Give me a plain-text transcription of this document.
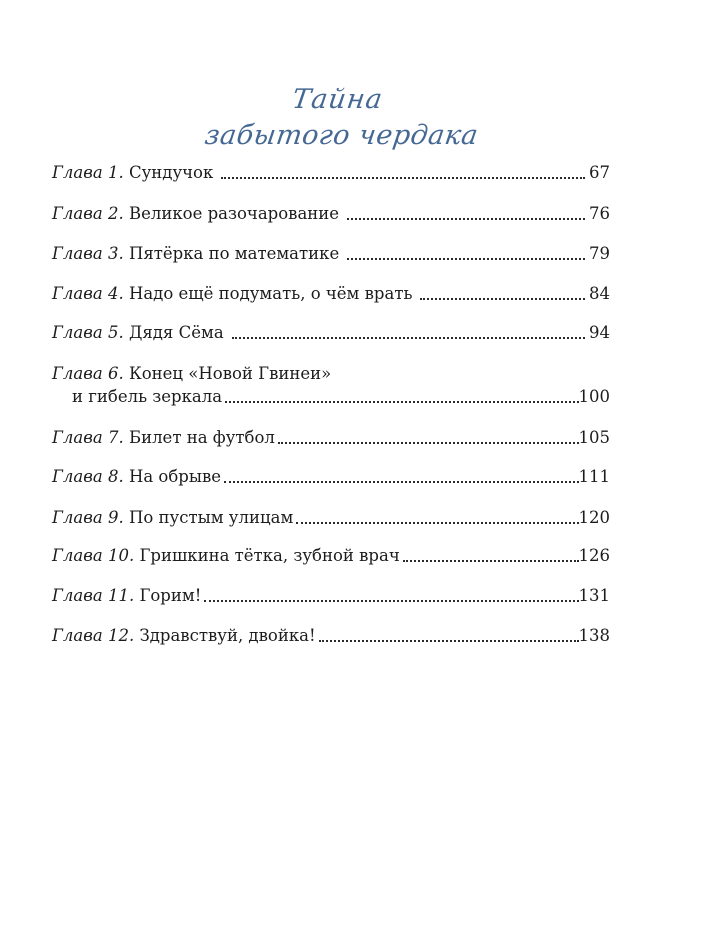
Тайна
забытого чердака
Глава 1. Сундучок	67
Глава 2. Великое разочарование	76
Глава 3. Пятёрка по математике	79
Глава 4. Надо ещё подумать, о чём врать	84
Глава 5. Дядя Сёма	94
Глава 6. Конец «Новой Гвинеи»
и гибель зеркала	100
Глава 7. Билет на футбол	105
Глава 8. На обрыве	111
Глава 9. По пустым улицам	120
Глава 10. Гришкина тётка, зубной врач	126
Глава 11. Горим!	131
Глава 12. Здравствуй, двойка!	138
